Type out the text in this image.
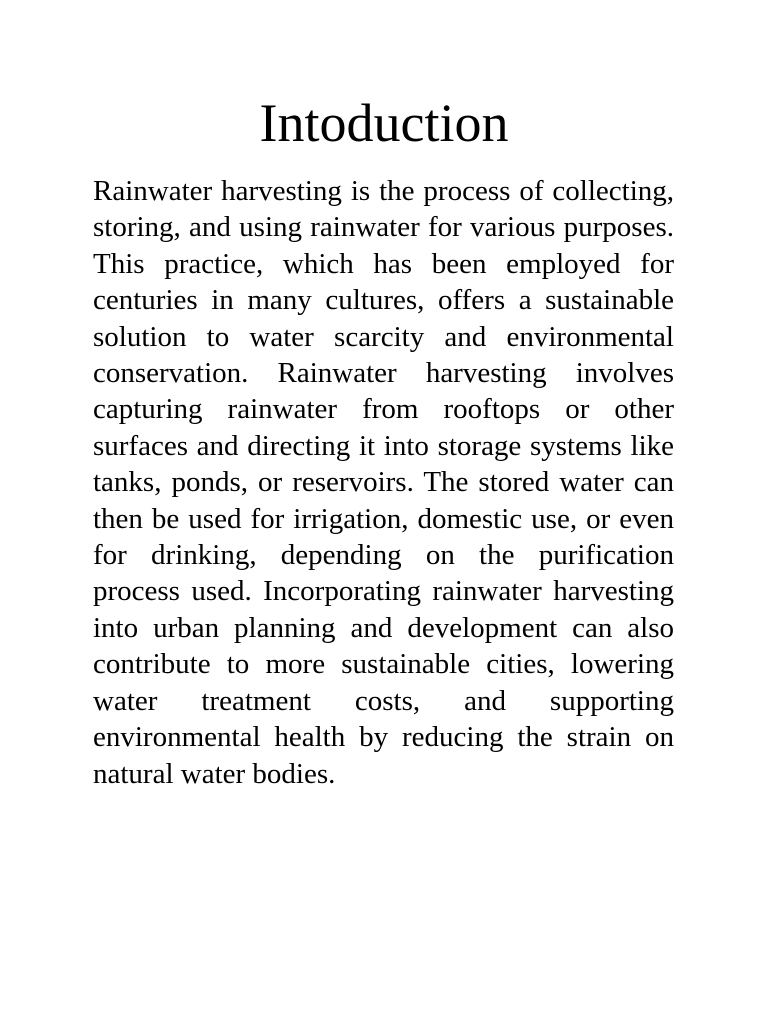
Intoduction

Rainwater harvesting is the process of collecting, storing, and using rainwater for various purposes. This practice, which has been employed for centuries in many cultures, offers a sustainable solution to water scarcity and environmental conservation. Rainwater harvesting involves capturing rainwater from rooftops or other surfaces and directing it into storage systems like tanks, ponds, or reservoirs. The stored water can then be used for irrigation, domestic use, or even for drinking, depending on the purification process used. Incorporating rainwater harvesting into urban planning and development can also contribute to more sustainable cities, lowering water treatment costs, and supporting environmental health by reducing the strain on natural water bodies.
